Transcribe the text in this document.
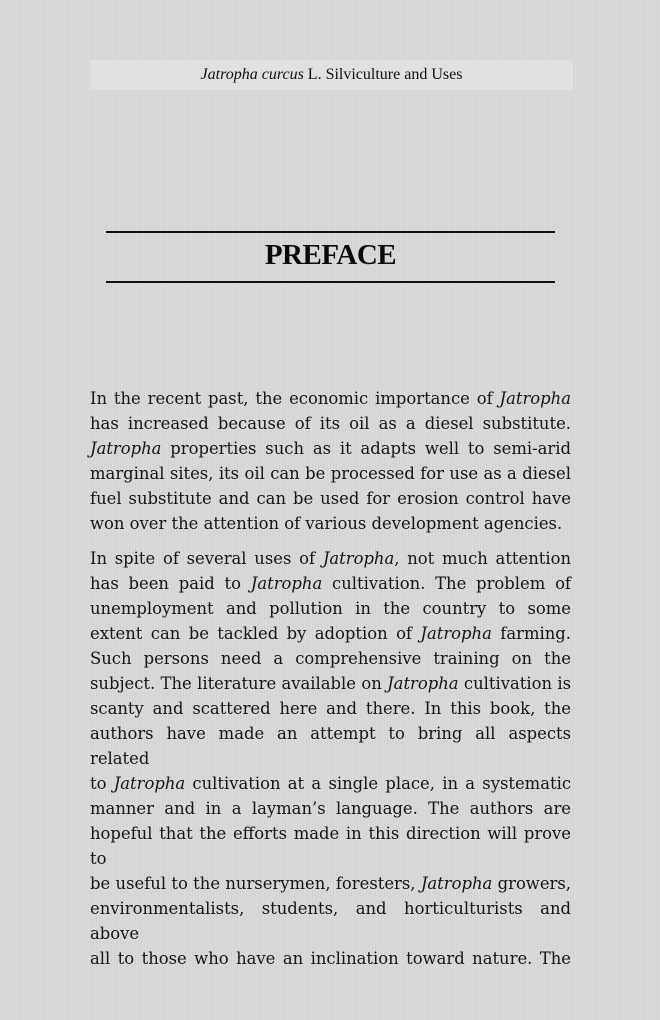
Jatropha curcus L. Silviculture and Uses
PREFACE
In the recent past, the economic importance of Jatropha
has increased because of its oil as a diesel substitute.
Jatropha properties such as it adapts well to semi-arid
marginal sites, its oil can be processed for use as a diesel
fuel substitute and can be used for erosion control have
won over the attention of various development agencies.
In spite of several uses of Jatropha, not much attention
has been paid to Jatropha cultivation. The problem of
unemployment and pollution in the country to some
extent can be tackled by adoption of Jatropha farming.
Such persons need a comprehensive training on the
subject. The literature available on Jatropha cultivation is
scanty and scattered here and there. In this book, the
authors have made an attempt to bring all aspects related
to Jatropha cultivation at a single place, in a systematic
manner and in a layman’s language. The authors are
hopeful that the efforts made in this direction will prove to
be useful to the nurserymen, foresters, Jatropha growers,
environmentalists, students, and horticulturists and above
all to those who have an inclination toward nature. The
